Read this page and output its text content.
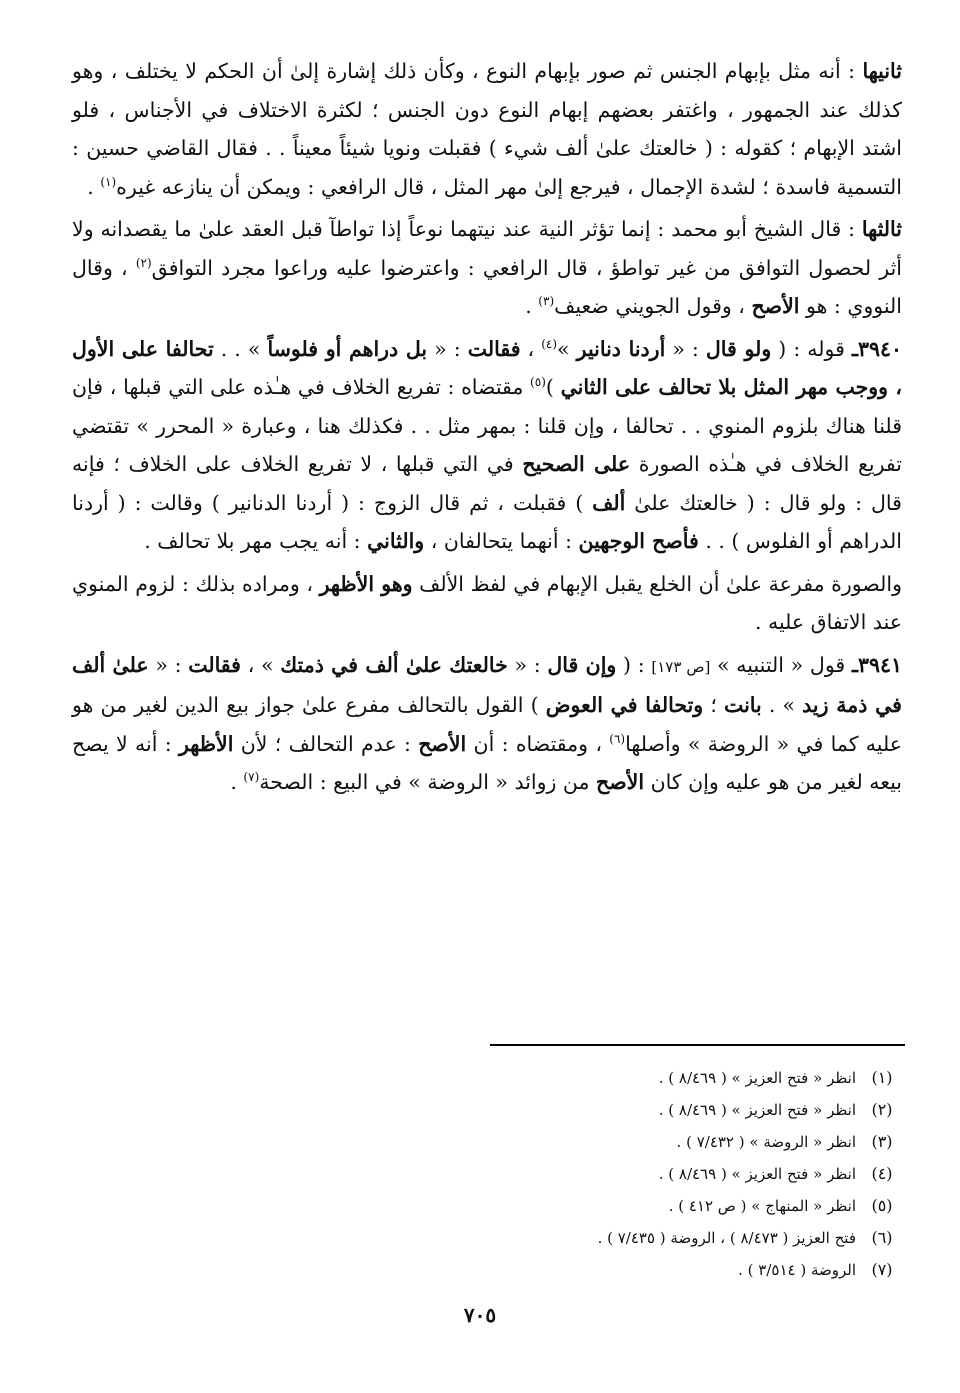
ثانيها : أنه مثل بإبهام الجنس ثم صور بإبهام النوع ، وكأن ذلك إشارة إلىٰ أن الحكم لا يختلف ، وهو كذلك عند الجمهور ، واغتفر بعضهم إبهام النوع دون الجنس ؛ لكثرة الاختلاف في الأجناس ، فلو اشتد الإبهام ؛ كقوله : ( خالعتك علىٰ ألف شيء ) فقبلت ونويا شيئاً معيناً . . فقال القاضي حسين : التسمية فاسدة ؛ لشدة الإجمال ، فيرجع إلىٰ مهر المثل ، قال الرافعي : ويمكن أن ينازعه غيره$^{(١)}$ .

ثالثها : قال الشيخ أبو محمد : إنما تؤثر النية عند نيتهما نوعاً إذا تواطآ قبل العقد علىٰ ما يقصدانه ولا أثر لحصول التوافق من غير تواطؤ ، قال الرافعي : واعترضوا عليه وراعوا مجرد التوافق$^{(٢)}$ ، وقال النووي : هو الأصح ، وقول الجويني ضعيف$^{(٣)}$ .

٣٩٤٠ـ قوله : ( ولو قال : « أردنا دنانير »$^{(٤)}$ ، فقالت : « بل دراهم أو فلوساً » . . تحالفا على الأول ، ووجب مهر المثل بلا تحالف على الثاني )$^{(٥)}$ مقتضاه : تفريع الخلاف في هـٰذه على التي قبلها ، فإن قلنا هناك بلزوم المنوي . . تحالفا ، وإن قلنا : بمهر مثل . . فكذلك هنا ، وعبارة « المحرر » تقتضي تفريع الخلاف في هـٰذه الصورة على الصحيح في التي قبلها ، لا تفريع الخلاف على الخلاف ؛ فإنه قال : ولو قال : ( خالعتك علىٰ ألف ) فقبلت ، ثم قال الزوج : ( أردنا الدنانير ) وقالت : ( أردنا الدراهم أو الفلوس ) . . فأصح الوجهين : أنهما يتحالفان ، والثاني : أنه يجب مهر بلا تحالف .

والصورة مفرعة علىٰ أن الخلع يقبل الإبهام في لفظ الألف وهو الأظهر ، ومراده بذلك : لزوم المنوي عند الاتفاق عليه .

٣٩٤١ـ قول « التنبيه » [ص ١٧٣] : ( وإن قال : « خالعتك علىٰ ألف في ذمتك » ، فقالت : « علىٰ ألف في ذمة زيد » . بانت ؛ وتحالفا في العوض ) القول بالتحالف مفرع علىٰ جواز بيع الدين لغير من هو عليه كما في « الروضة » وأصلها$^{(٦)}$ ، ومقتضاه : أن الأصح : عدم التحالف ؛ لأن الأظهر : أنه لا يصح بيعه لغير من هو عليه وإن كان الأصح من زوائد « الروضة » في البيع : الصحة$^{(٧)}$ .

(١)
انظر « فتح العزيز » ( ٨/٤٦٩ ) .
(٢)
انظر « فتح العزيز » ( ٨/٤٦٩ ) .
(٣)
انظر « الروضة » ( ٧/٤٣٢ ) .
(٤)
انظر « فتح العزيز » ( ٨/٤٦٩ ) .
(٥)
انظر « المنهاج » ( ص ٤١٢ ) .
(٦)
فتح العزيز ( ٨/٤٧٣ ) ، الروضة ( ٧/٤٣٥ ) .
(٧)
الروضة ( ٣/٥١٤ ) .
٧٠٥
